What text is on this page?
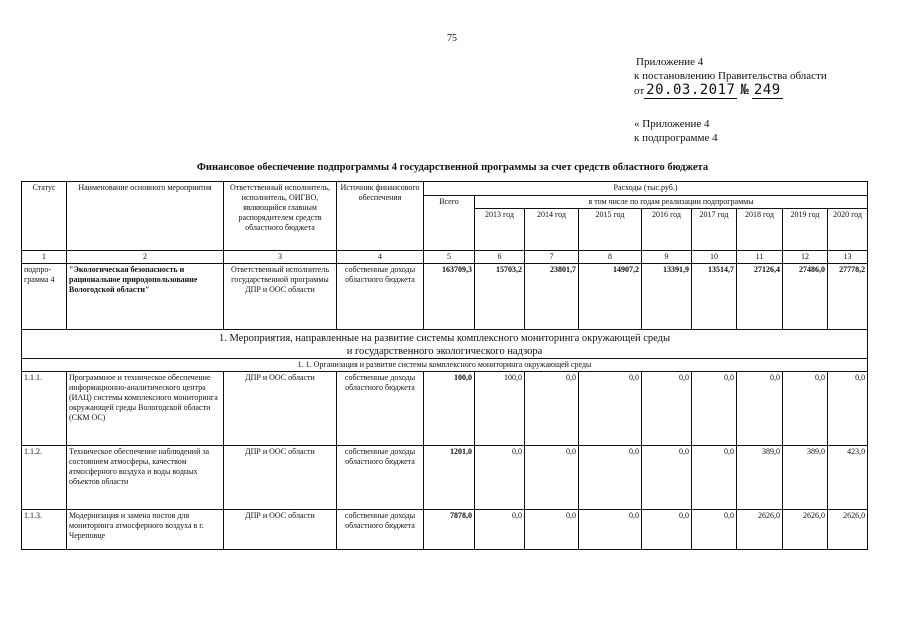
75
Приложение 4
к постановлению Правительства области
от 20.03.2017 № 249
« Приложение 4
к подпрограмме 4
Финансовое обеспечение подпрограммы 4 государственной программы за счет средств областного бюджета
Статус	Наименование основного мероприятия	Ответственный исполнитель, исполнитель, ОИГВО, являющийся главным распорядителем средств областного бюджета	Источник финансового обеспечения	Расходы (тыс.руб.)								
				Всего	в том числе по годам реализации подпрограммы							
					2013 год	2014 год	2015 год	2016 год	2017 год	2018 год	2019 год	2020 год
1	2	3	4	5	6	7	8	9	10	11	12	13
подпро-грамма 4	"Экологическая безопасность и рациональное природопользование Вологодской области"	Ответственный исполнитель государственной программы ДПР и ООС области	собственные доходы областного бюджета	163709,3	15703,2	23801,7	14907,2	13391,9	13514,7	27126,4	27486,0	27778,2

1. Мероприятия, направленные на развитие системы комплексного мониторинга окружающей среды
и государственного экологического надзора												

1. 1. Организация и развитие системы комплексного мониторинга окружающей среды												
1.1.1.	Программное и техническое обеспечение информационно-аналитического центра (ИАЦ) системы комплексного мониторинга окружающей среды Вологодской области (СКМ ОС)	ДПР и ООС области	собственные доходы областного бюджета	100,0	100,0	0,0	0,0	0,0	0,0	0,0	0,0	0,0
1.1.2.	Техническое обеспечение наблюдений за состоянием атмосферы, качеством атмосферного воздуха и воды водных объектов области	ДПР и ООС области	собственные доходы областного бюджета	1201,0	0,0	0,0	0,0	0,0	0,0	389,0	389,0	423,0
1.1.3.	Модернизация и замена постов для мониторинга атмосферного воздуха в г. Череповце	ДПР и ООС области	собственные доходы областного бюджета	7878,0	0,0	0,0	0,0	0,0	0,0	2626,0	2626,0	2626,0
